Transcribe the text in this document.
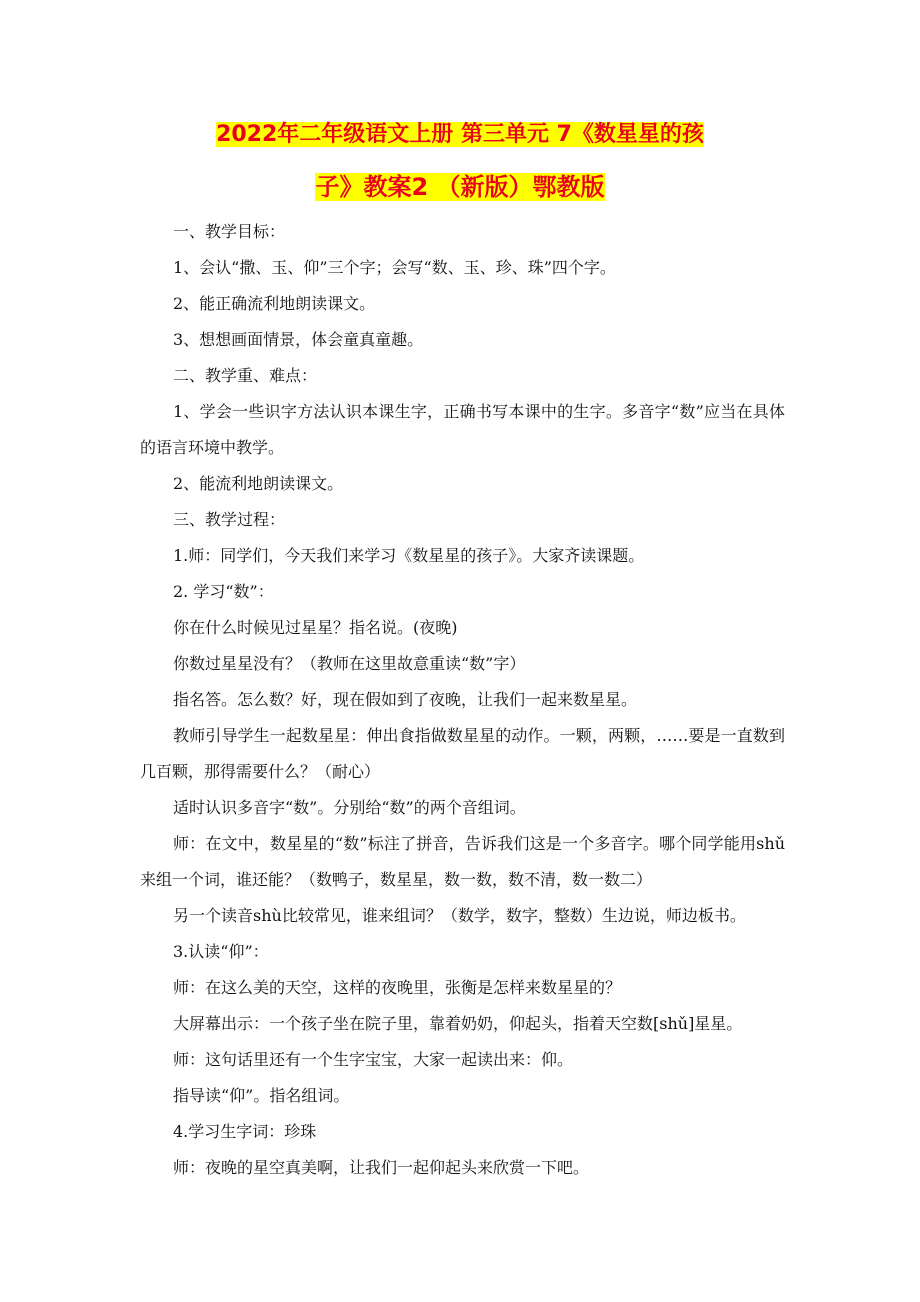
2022年二年级语文上册 第三单元 7《数星星的孩
子》教案2 （新版）鄂教版

一、教学目标：

1、会认“撒、玉、仰”三个字；会写“数、玉、珍、珠”四个字。

2、能正确流利地朗读课文。

3、想想画面情景，体会童真童趣。

二、教学重、难点：

1、学会一些识字方法认识本课生字，正确书写本课中的生字。多音字“数”应当在具体的语言环境中教学。

2、能流利地朗读课文。

三、教学过程：

1.师：同学们，今天我们来学习《数星星的孩子》。大家齐读课题。

2. 学习“数”：

你在什么时候见过星星？指名说。(夜晚)

你数过星星没有？（教师在这里故意重读“数”字）

指名答。怎么数？好，现在假如到了夜晚，让我们一起来数星星。

教师引导学生一起数星星：伸出食指做数星星的动作。一颗，两颗，……要是一直数到几百颗，那得需要什么？（耐心）

适时认识多音字“数”。分别给“数”的两个音组词。

师：在文中，数星星的“数”标注了拼音，告诉我们这是一个多音字。哪个同学能用shǔ来组一个词，谁还能？（数鸭子，数星星，数一数，数不清，数一数二）

另一个读音shù比较常见，谁来组词？（数学，数字，整数）生边说，师边板书。

3.认读“仰”：

师：在这么美的天空，这样的夜晚里，张衡是怎样来数星星的？

大屏幕出示：一个孩子坐在院子里，靠着奶奶，仰起头，指着天空数[shǔ]星星。

师：这句话里还有一个生字宝宝，大家一起读出来：仰。

指导读“仰”。指名组词。

4.学习生字词：珍珠

师：夜晚的星空真美啊，让我们一起仰起头来欣赏一下吧。
